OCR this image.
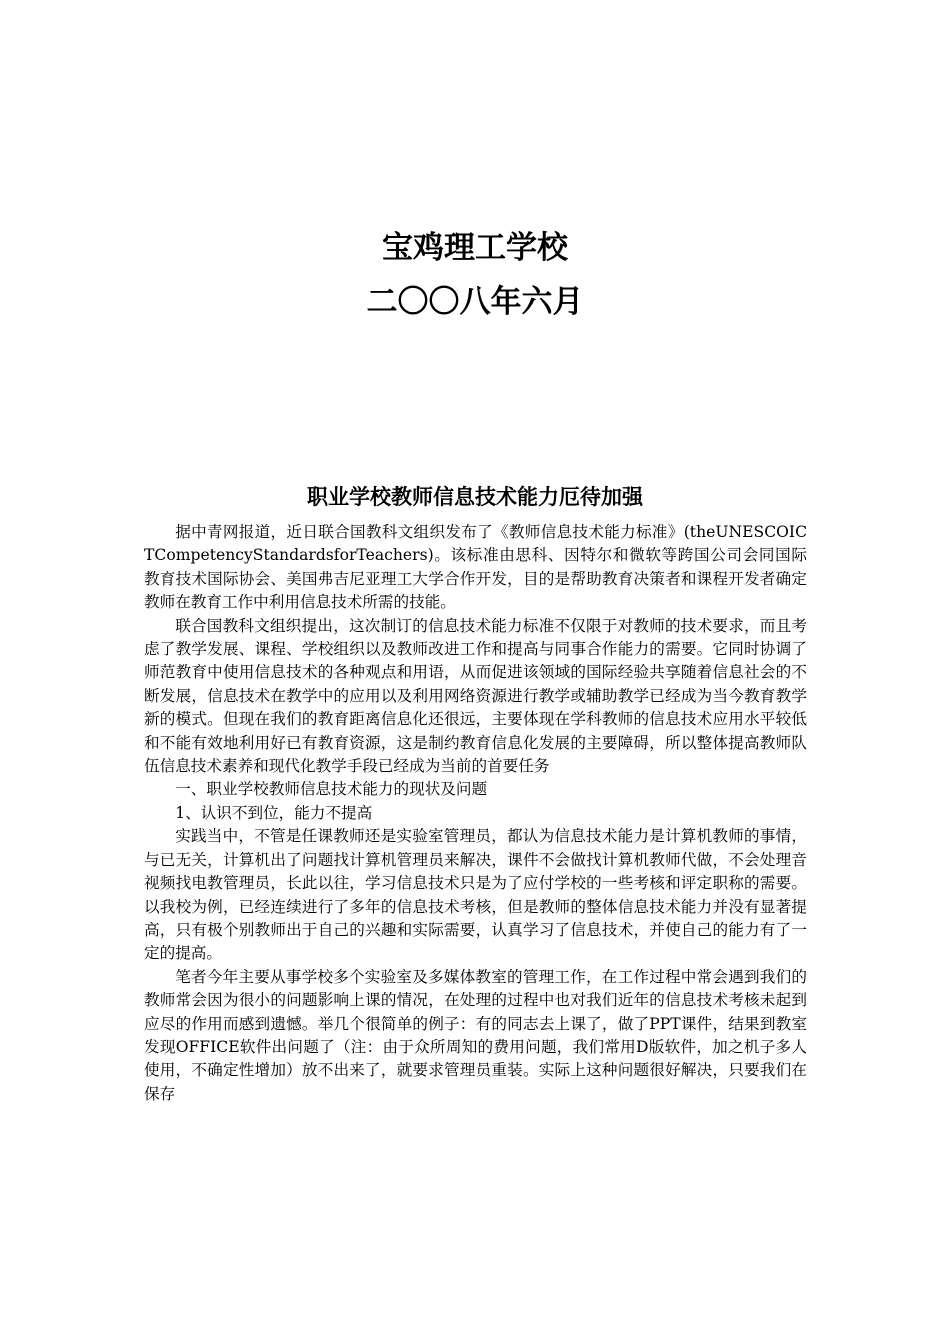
宝鸡理工学校
二〇〇八年六月
职业学校教师信息技术能力厄待加强

据中青网报道，近日联合国教科文组织发布了《教师信息技术能力标准》(theUNESCOICTCompetencyStandardsforTeachers)。该标准由思科、因特尔和微软等跨国公司会同国际教育技术国际协会、美国弗吉尼亚理工大学合作开发，目的是帮助教育决策者和课程开发者确定教师在教育工作中利用信息技术所需的技能。

联合国教科文组织提出，这次制订的信息技术能力标准不仅限于对教师的技术要求，而且考虑了教学发展、课程、学校组织以及教师改进工作和提高与同事合作能力的需要。它同时协调了师范教育中使用信息技术的各种观点和用语，从而促进该领域的国际经验共享随着信息社会的不断发展，信息技术在教学中的应用以及利用网络资源进行教学或辅助教学已经成为当今教育教学新的模式。但现在我们的教育距离信息化还很远，主要体现在学科教师的信息技术应用水平较低和不能有效地利用好已有教育资源，这是制约教育信息化发展的主要障碍，所以整体提高教师队伍信息技术素养和现代化教学手段已经成为当前的首要任务

一、职业学校教师信息技术能力的现状及问题

1、认识不到位，能力不提高

实践当中，不管是任课教师还是实验室管理员，都认为信息技术能力是计算机教师的事情，与已无关，计算机出了问题找计算机管理员来解决，课件不会做找计算机教师代做，不会处理音视频找电教管理员，长此以往，学习信息技术只是为了应付学校的一些考核和评定职称的需要。以我校为例，已经连续进行了多年的信息技术考核，但是教师的整体信息技术能力并没有显著提高，只有极个别教师出于自己的兴趣和实际需要，认真学习了信息技术，并使自己的能力有了一定的提高。

笔者今年主要从事学校多个实验室及多媒体教室的管理工作，在工作过程中常会遇到我们的教师常会因为很小的问题影响上课的情况，在处理的过程中也对我们近年的信息技术考核未起到应尽的作用而感到遗憾。举几个很简单的例子：有的同志去上课了，做了PPT课件，结果到教室发现OFFICE软件出问题了（注：由于众所周知的费用问题，我们常用D版软件，加之机子多人使用，不确定性增加）放不出来了，就要求管理员重装。实际上这种问题很好解决，只要我们在保存
